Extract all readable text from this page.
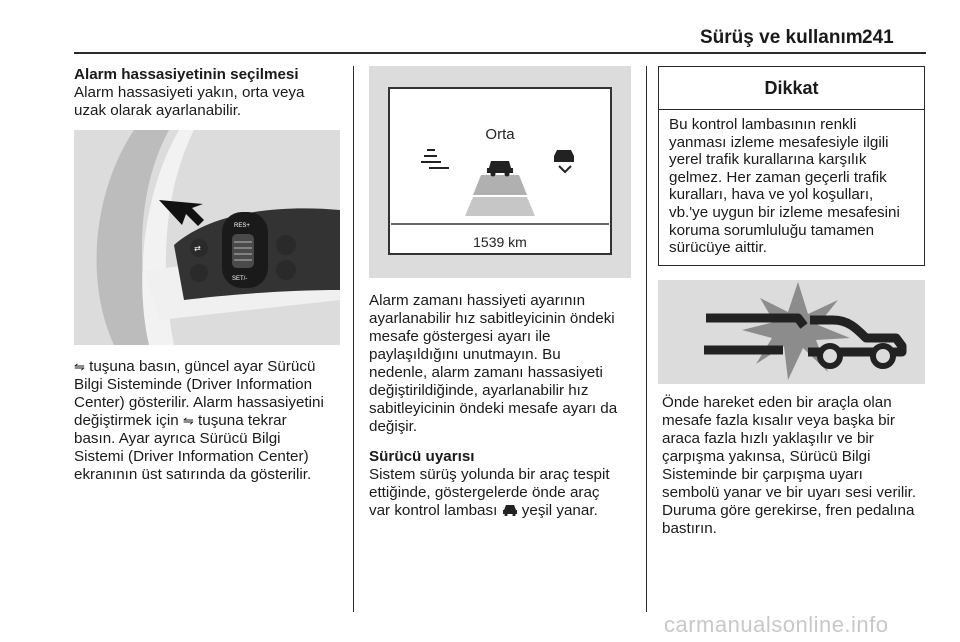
Sürüş ve kullanım 241
Alarm hassasiyetinin seçilmesi
Alarm hassasiyeti yakın, orta veya
uzak olarak ayarlanabilir.
RES+
SET/-
⇄
⇋ tuşuna basın, güncel ayar Sürücü
Bilgi Sisteminde (Driver Information
Center) gösterilir. Alarm hassasiyetini
değiştirmek için ⇋ tuşuna tekrar
basın. Ayar ayrıca Sürücü Bilgi
Sistemi (Driver Information Center)
ekranının üst satırında da gösterilir.
Orta
1539 km
Alarm zamanı hassiyeti ayarının
ayarlanabilir hız sabitleyicinin öndeki
mesafe göstergesi ayarı ile
paylaşıldığını unutmayın. Bu
nedenle, alarm zamanı hassasiyeti
değiştirildiğinde, ayarlanabilir hız
sabitleyicinin öndeki mesafe ayarı da
değişir.
Sürücü uyarısı
Sistem sürüş yolunda bir araç tespit
ettiğinde, göstergelerde önde araç
var kontrol lambası yeşil yanar.
Dikkat
Bu kontrol lambasının renkli
yanması izleme mesafesiyle ilgili
yerel trafik kurallarına karşılık
gelmez. Her zaman geçerli trafik
kuralları, hava ve yol koşulları,
vb.'ye uygun bir izleme mesafesini
koruma sorumluluğu tamamen
sürücüye aittir.
Önde hareket eden bir araçla olan
mesafe fazla kısalır veya başka bir
araca fazla hızlı yaklaşılır ve bir
çarpışma yakınsa, Sürücü Bilgi
Sisteminde bir çarpışma uyarı
sembolü yanar ve bir uyarı sesi verilir.
Duruma göre gerekirse, fren pedalına
bastırın.
carmanualsonline.info
